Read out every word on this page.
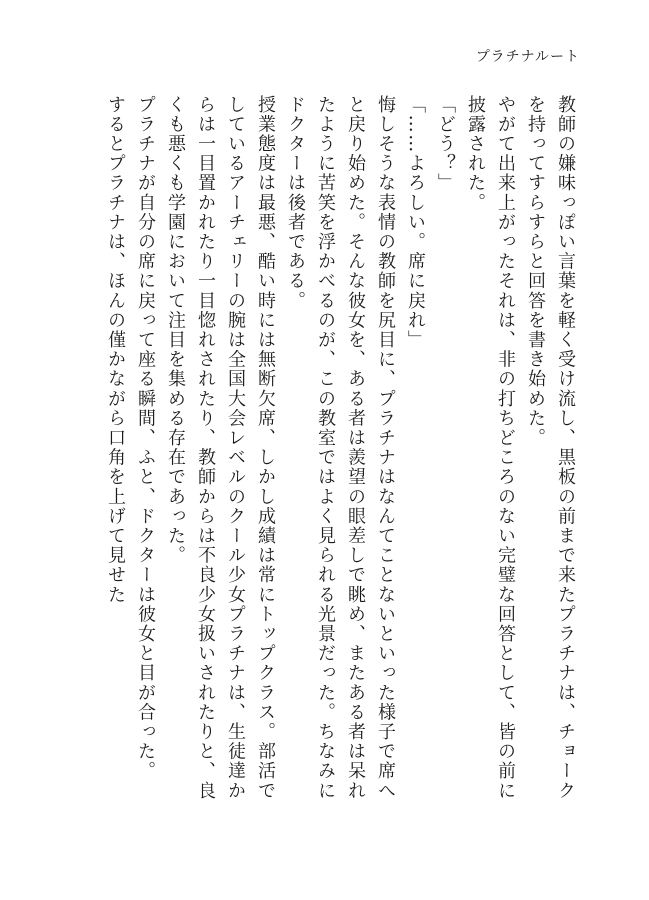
プラチナルート

教師の嫌味っぽい言葉を軽く受け流し、黒板の前まで来たプラチナは、チョークを持ってすらすらと回答を書き始めた。

やがて出来上がったそれは、非の打ちどころのない完璧な回答として、皆の前に披露された。

「どう？」

「……よろしい。席に戻れ」

悔しそうな表情の教師を尻目に、プラチナはなんてことないといった様子で席へと戻り始めた。そんな彼女を、ある者は羨望の眼差しで眺め、またある者は呆れたように苦笑を浮かべるのが、この教室ではよく見られる光景だった。ちなみにドクターは後者である。

授業態度は最悪、酷い時には無断欠席、しかし成績は常にトップクラス。部活でしているアーチェリーの腕は全国大会レベルのクール少女プラチナは、生徒達からは一目置かれたり一目惚れされたり、教師からは不良少女扱いされたりと、良くも悪くも学園において注目を集める存在であった。

プラチナが自分の席に戻って座る瞬間、ふと、ドクターは彼女と目が合った。

するとプラチナは、ほんの僅かながら口角を上げて見せた
